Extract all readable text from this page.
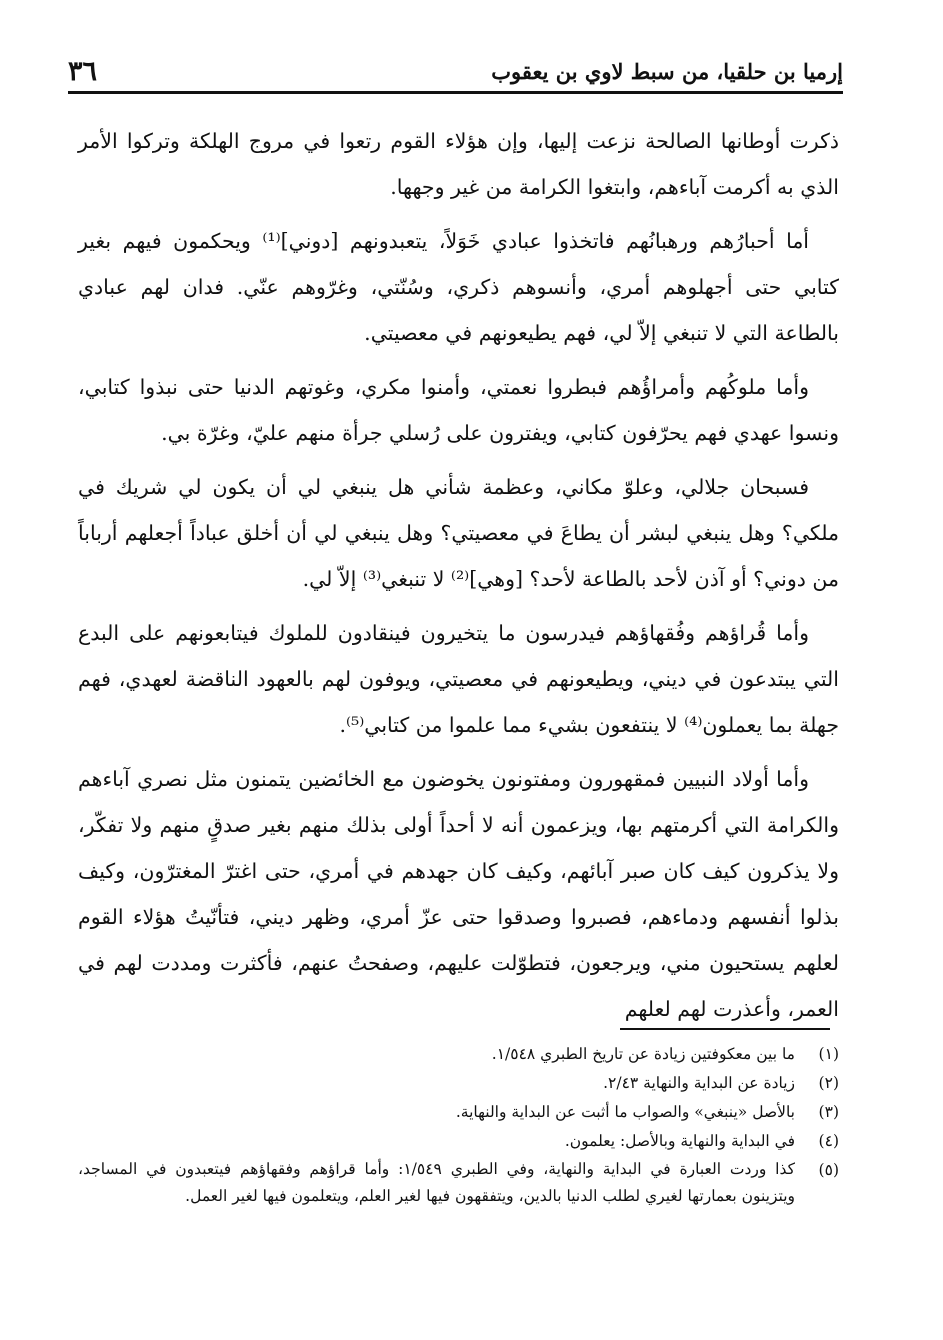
إرميا بن حلقيا، من سبط لاوي بن يعقوب
٣٦

ذكرت أوطانها الصالحة نزعت إليها، وإن هؤلاء القوم رتعوا في مروج الهلكة وتركوا الأمر الذي به أكرمت آباءهم، وابتغوا الكرامة من غير وجهها.

أما أحبارُهم ورهبانُهم فاتخذوا عبادي خَوَلاً، يتعبدونهم [دوني]⁽¹⁾ ويحكمون فيهم بغير كتابي حتى أجهلوهم أمري، وأنسوهم ذكري، وسُنّتي، وغرّوهم عنّي. فدان لهم عبادي بالطاعة التي لا تنبغي إلاّ لي، فهم يطيعونهم في معصيتي.

وأما ملوكُهم وأمراؤُهم فبطروا نعمتي، وأمنوا مكري، وغوتهم الدنيا حتى نبذوا كتابي، ونسوا عهدي فهم يحرّفون كتابي، ويفترون على رُسلي جرأة منهم عليّ، وغرّة بي.

فسبحان جلالي، وعلوّ مكاني، وعظمة شأني هل ينبغي لي أن يكون لي شريك في ملكي؟ وهل ينبغي لبشر أن يطاعَ في معصيتي؟ وهل ينبغي لي أن أخلق عباداً أجعلهم أرباباً من دوني؟ أو آذن لأحد بالطاعة لأحد؟ [وهي]⁽²⁾ لا تنبغي⁽³⁾ إلاّ لي.

وأما قُراؤهم وفُقهاؤهم فيدرسون ما يتخيرون فينقادون للملوك فيتابعونهم على البدع التي يبتدعون في ديني، ويطيعونهم في معصيتي، ويوفون لهم بالعهود الناقضة لعهدي، فهم جهلة بما يعملون⁽⁴⁾ لا ينتفعون بشيء مما علموا من كتابي⁽⁵⁾.

وأما أولاد النبيين فمقهورون ومفتونون يخوضون مع الخائضين يتمنون مثل نصري آباءهم والكرامة التي أكرمتهم بها، ويزعمون أنه لا أحداً أولى بذلك منهم بغير صدقٍ منهم ولا تفكّر، ولا يذكرون كيف كان صبر آبائهم، وكيف كان جهدهم في أمري، حتى اغترّ المغترّون، وكيف بذلوا أنفسهم ودماءهم، فصبروا وصدقوا حتى عزّ أمري، وظهر ديني، فتأنّيتُ هؤلاء القوم لعلهم يستحيون مني، ويرجعون، فتطوّلت عليهم، وصفحتُ عنهم، فأكثرت ومددت لهم في العمر، وأعذرت لهم لعلهم

(١)
ما بين معكوفتين زيادة عن تاريخ الطبري ١/٥٤٨.
(٢)
زيادة عن البداية والنهاية ٢/٤٣.
(٣)
بالأصل «ينبغي» والصواب ما أثبت عن البداية والنهاية.
(٤)
في البداية والنهاية وبالأصل: يعلمون.
(٥)
كذا وردت العبارة في البداية والنهاية، وفي الطبري ١/٥٤٩: وأما قراؤهم وفقهاؤهم فيتعبدون في المساجد، ويتزينون بعمارتها لغيري لطلب الدنيا بالدين، ويتفقهون فيها لغير العلم، ويتعلمون فيها لغير العمل.
